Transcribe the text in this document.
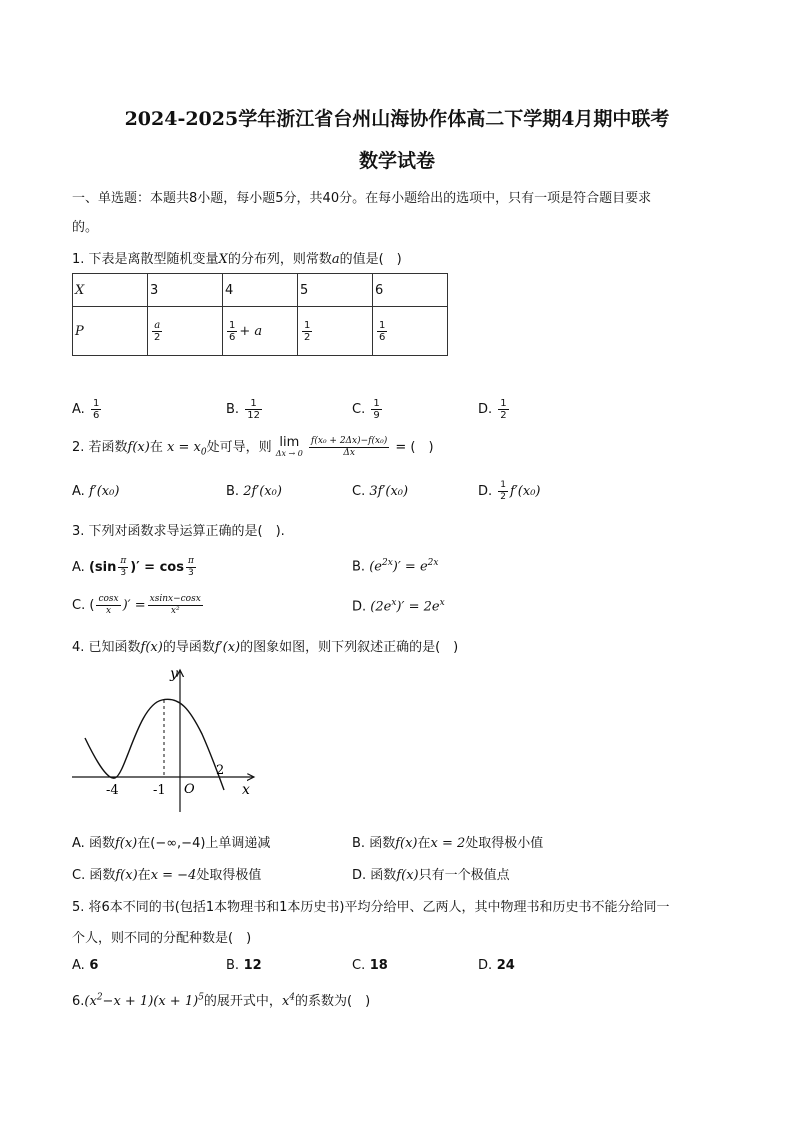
2024-2025学年浙江省台州山海协作体高二下学期4月期中联考
数学试卷
一、单选题：本题共8小题，每小题5分，共40分。在每小题给出的选项中，只有一项是符合题目要求
的。
1. 下表是离散型随机变量X的分布列，则常数a的值是(　)
X	3	4	5	6
P	$\frac{a}{2}$	$\frac{1}{6} + a$	$\frac{1}{2}$	$\frac{1}{6}$
A. $\frac{1}{6}$	B. $\frac{1}{12}$	C. $\frac{1}{9}$	D. $\frac{1}{2}$
2. 若函数f(x)在 $x = x_0$处可导，则 lim
Δx → 0
$\frac{\text{f(x₀ + 2Δx)−f(x₀)}}{\Delta x}$ = (　)
A. f′(x₀)	B. 2f′(x₀)	C. 3f′(x₀)	D. $\frac{1}{2} f'(x_0)$
3. 下列对函数求导运算正确的是(　).
A. ($\sin \frac{\pi}{3}$ )′ = $\cos \frac{\pi}{3}$	B. $(e^{2x})' = e^{2x}$
C. ( $\frac{\cos x}{x}$ )′ = $\frac{xsinx-\cos x}{\text{x²}}$	D. $(2e^x)' = 2e^x$
4. 已知函数f(x)的导函数f′(x)的图象如图，则下列叙述正确的是(　)
y
x
O
-4	-1
2
A. 函数f(x)在(−∞,−4)上单调递减	B. 函数f(x)在x = 2处取得极小值
C. 函数f(x)在x = −4处取得极值	D. 函数f(x)只有一个极值点
5. 将6本不同的书(包括1本物理书和1本历史书)平均分给甲、乙两人，其中物理书和历史书不能分给同一
个人，则不同的分配种数是(　)
A. 6	B. 12	C. 18	D. 24
$6.(x^2-x + 1)(x + 1)^5$的展开式中，$x^4$的系数为(　)
